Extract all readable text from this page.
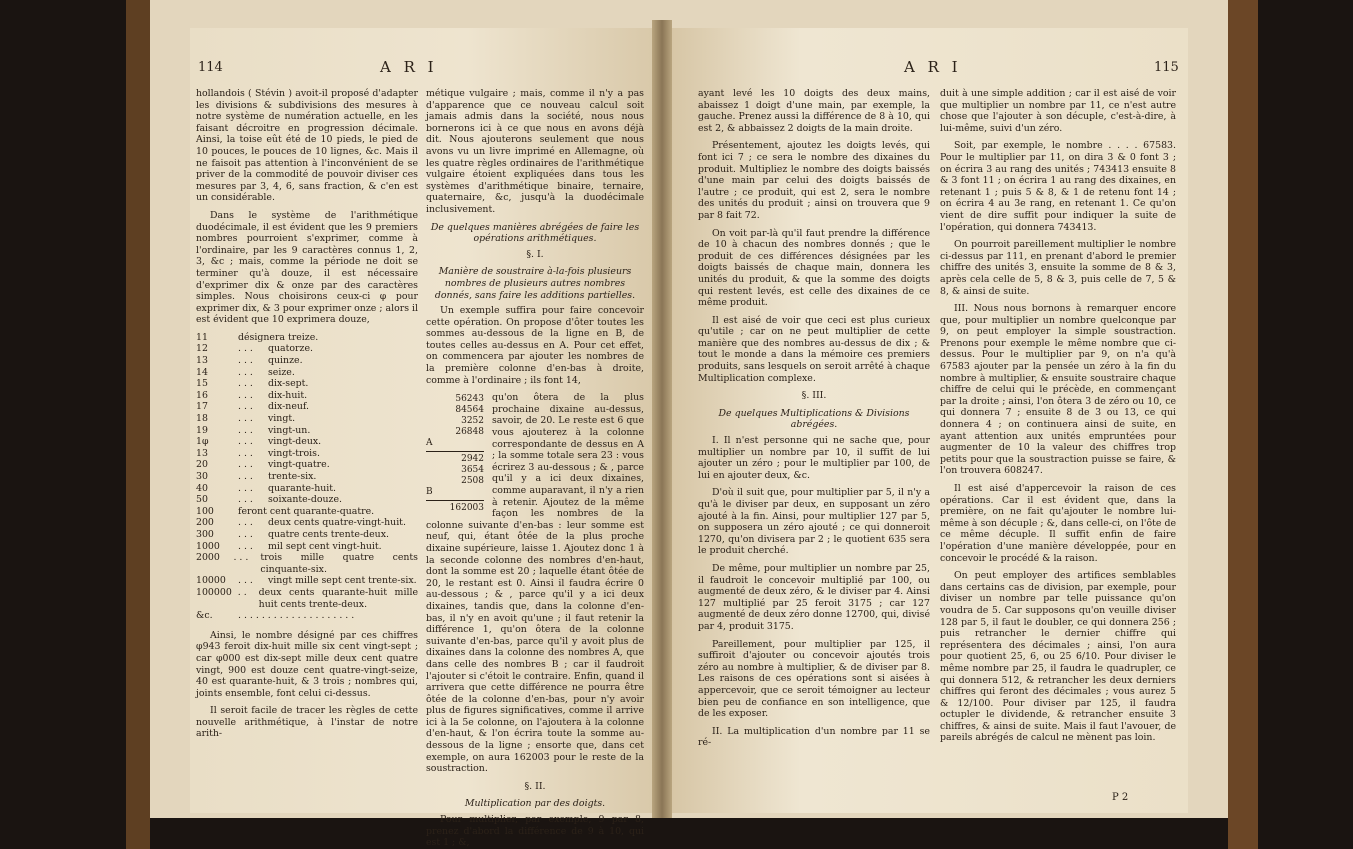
114	A R I

hollandois ( Stévin ) avoit-il proposé d'adapter les divisions & subdivisions des mesures à notre système de numération actuelle, en les faisant décroitre en progression décimale. Ainsi, la toise eût été de 10 pieds, le pied de 10 pouces, le pouces de 10 lignes, &c. Mais il ne faisoit pas attention à l'inconvénient de se priver de la commodité de pouvoir diviser ces mesures par 3, 4, 6, sans fraction, & c'en est un considérable.

Dans le système de l'arithmétique duodécimale, il est évident que les 9 premiers nombres pourroient s'exprimer, comme à l'ordinaire, par les 9 caractères connus 1, 2, 3, &c ; mais, comme la période ne doit se terminer qu'à douze, il est nécessaire d'exprimer dix & onze par des caractères simples. Nous choisirons ceux-ci φ pour exprimer dix, & 3 pour exprimer onze ; alors il est évident que 10 exprimera douze,

11	désignera treize.
12	. . .	quatorze.
13	. . .	quinze.
14	. . .	seize.
15	. . .	dix-sept.
16	. . .	dix-huit.
17	. . .	dix-neuf.
18	. . .	vingt.
19	. . .	vingt-un.
1φ	. . .	vingt-deux.
13	. . .	vingt-trois.
20	. . .	vingt-quatre.
30	. . .	trente-six.
40	. . .	quarante-huit.
50	. . .	soixante-douze.
100	feront cent quarante-quatre.
200	. . .	deux cents quatre-vingt-huit.
300	. . .	quatre cents trente-deux.
1000	. . .	mil sept cent vingt-huit.
2000	. . .	trois mille quatre cents cinquante-six.
10000	. . .	vingt mille sept cent trente-six.
100000 . .	deux cents quarante-huit mille huit cents trente-deux.
&c.	. . . . . . . . . . . . . . . . . . . .

Ainsi, le nombre désigné par ces chiffres φ943 feroit dix-huit mille six cent vingt-sept ; car φ000 est dix-sept mille deux cent quatre vingt, 900 est douze cent quatre-vingt-seize, 40 est quarante-huit, & 3 trois ; nombres qui, joints ensemble, font celui ci-dessus.

Il seroit facile de tracer les règles de cette nouvelle arithmétique, à l'instar de notre arith-

métique vulgaire ; mais, comme il n'y a pas d'apparence que ce nouveau calcul soit jamais admis dans la société, nous nous bornerons ici à ce que nous en avons déjà dit. Nous ajouterons seulement que nous avons vu un livre imprimé en Allemagne, où les quatre règles ordinaires de l'arithmétique vulgaire étoient expliquées dans tous les systèmes d'arithmétique binaire, ternaire, quaternaire, &c, jusqu'à la duodécimale inclusivement.

De quelques manières abrégées de faire les opérations arithmétiques.

§. I.

Manière de soustraire à-la-fois plusieurs nombres de plusieurs autres nombres donnés, sans faire les additions partielles.

Un exemple suffira pour faire concevoir cette opération. On propose d'ôter toutes les sommes au-dessous de la ligne en B, de toutes celles au-dessus en A. Pour cet effet, on commencera par ajouter les nombres de la première colonne d'en-bas à droite, comme à l'ordinaire ; ils font 14,

56243
84564
3252
26848
A
2942
3654
2508
B
162003

qu'on ôtera de la plus prochaine dixaine au-dessus, savoir, de 20. Le reste est 6 que vous ajouterez à la colonne correspondante de dessus en A ; la somme totale sera 23 : vous écrirez 3 au-dessous ; & , parce qu'il y a ici deux dixaines, comme auparavant, il n'y a rien à retenir. Ajoutez de la même façon les nombres de la colonne suivante d'en-bas : leur somme est neuf, qui, étant ôtée de la plus proche dixaine supérieure, laisse 1. Ajoutez donc 1 à la seconde colonne des nombres d'en-haut, dont la somme est 20 ; laquelle étant ôtée de 20, le restant est 0. Ainsi il faudra écrire 0 au-dessous ; & , parce qu'il y a ici deux dixaines, tandis que, dans la colonne d'en-bas, il n'y en avoit qu'une ; il faut retenir la différence 1, qu'on ôtera de la colonne suivante d'en-bas, parce qu'il y avoit plus de dixaines dans la colonne des nombres A, que dans celle des nombres B ; car il faudroit l'ajouter si c'étoit le contraire. Enfin, quand il arrivera que cette différence ne pourra être ôtée de la colonne d'en-bas, pour n'y avoir plus de figures significatives, comme il arrive ici à la 5e colonne, on l'ajoutera à la colonne d'en-haut, & l'on écrira toute la somme au-dessous de la ligne ; ensorte que, dans cet exemple, on aura 162003 pour le reste de la soustraction.

§. II.

Multiplication par des doigts.

Pour multiplier, par exemple, 9 par 8, prenez d'abord la différence de 9 à 10, qui est 1 ; &,

A R I	115

ayant levé les 10 doigts des deux mains, abaissez 1 doigt d'une main, par exemple, la gauche. Prenez aussi la différence de 8 à 10, qui est 2, & abbaissez 2 doigts de la main droite.

Présentement, ajoutez les doigts levés, qui font ici 7 ; ce sera le nombre des dixaines du produit. Multipliez le nombre des doigts baissés d'une main par celui des doigts baissés de l'autre ; ce produit, qui est 2, sera le nombre des unités du produit ; ainsi on trouvera que 9 par 8 fait 72.

On voit par-là qu'il faut prendre la différence de 10 à chacun des nombres donnés ; que le produit de ces différences désignées par les doigts baissés de chaque main, donnera les unités du produit, & que la somme des doigts qui restent levés, est celle des dixaines de ce même produit.

Il est aisé de voir que ceci est plus curieux qu'utile ; car on ne peut multiplier de cette manière que des nombres au-dessus de dix ; & tout le monde a dans la mémoire ces premiers produits, sans lesquels on seroit arrêté à chaque Multiplication complexe.

§. III.

De quelques Multiplications & Divisions abrégées.

I. Il n'est personne qui ne sache que, pour multiplier un nombre par 10, il suffit de lui ajouter un zéro ; pour le multiplier par 100, de lui en ajouter deux, &c.

D'où il suit que, pour multiplier par 5, il n'y a qu'à le diviser par deux, en supposant un zéro ajouté à la fin. Ainsi, pour multiplier 127 par 5, on supposera un zéro ajouté ; ce qui donneroit 1270, qu'on divisera par 2 ; le quotient 635 sera le produit cherché.

De même, pour multiplier un nombre par 25, il faudroit le concevoir multiplié par 100, ou augmenté de deux zéro, & le diviser par 4. Ainsi 127 multiplié par 25 feroit 3175 ; car 127 augmenté de deux zéro donne 12700, qui, divisé par 4, produit 3175.

Pareillement, pour multiplier par 125, il suffiroit d'ajouter ou concevoir ajoutés trois zéro au nombre à multiplier, & de diviser par 8. Les raisons de ces opérations sont si aisées à appercevoir, que ce seroit témoigner au lecteur bien peu de confiance en son intelligence, que de les exposer.

II. La multiplication d'un nombre par 11 se ré-

duit à une simple addition ; car il est aisé de voir que multiplier un nombre par 11, ce n'est autre chose que l'ajouter à son décuple, c'est-à-dire, à lui-même, suivi d'un zéro.

Soit, par exemple, le nombre . . . . 67583. Pour le multiplier par 11, on dira 3 & 0 font 3 ; on écrira 3 au rang des unités ; 743413 ensuite 8 & 3 font 11 ; on écrira 1 au rang des dixaines, en retenant 1 ; puis 5 & 8, & 1 de retenu font 14 ; on écrira 4 au 3e rang, en retenant 1. Ce qu'on vient de dire suffit pour indiquer la suite de l'opération, qui donnera 743413.

On pourroit pareillement multiplier le nombre ci-dessus par 111, en prenant d'abord le premier chiffre des unités 3, ensuite la somme de 8 & 3, après cela celle de 5, 8 & 3, puis celle de 7, 5 & 8, & ainsi de suite.

III. Nous nous bornons à remarquer encore que, pour multiplier un nombre quelconque par 9, on peut employer la simple soustraction. Prenons pour exemple le même nombre que ci-dessus. Pour le multiplier par 9, on n'a qu'à 67583 ajouter par la pensée un zéro à la fin du nombre à multiplier, & ensuite soustraire chaque chiffre de celui qui le précède, en commençant par la droite ; ainsi, l'on ôtera 3 de zéro ou 10, ce qui donnera 7 ; ensuite 8 de 3 ou 13, ce qui donnera 4 ; on continuera ainsi de suite, en ayant attention aux unités empruntées pour augmenter de 10 la valeur des chiffres trop petits pour que la soustraction puisse se faire, & l'on trouvera 608247.

Il est aisé d'appercevoir la raison de ces opérations. Car il est évident que, dans la première, on ne fait qu'ajouter le nombre lui-même à son décuple ; &, dans celle-ci, on l'ôte de ce même décuple. Il suffit enfin de faire l'opération d'une manière développée, pour en concevoir le procédé & la raison.

On peut employer des artifices semblables dans certains cas de division, par exemple, pour diviser un nombre par telle puissance qu'on voudra de 5. Car supposons qu'on veuille diviser 128 par 5, il faut le doubler, ce qui donnera 256 ; puis retrancher le dernier chiffre qui représentera des décimales ; ainsi, l'on aura pour quotient 25, 6, ou 25 6/10. Pour diviser le même nombre par 25, il faudra le quadrupler, ce qui donnera 512, & retrancher les deux derniers chiffres qui feront des décimales ; vous aurez 5 & 12/100. Pour diviser par 125, il faudra octupler le dividende, & retrancher ensuite 3 chiffres, & ainsi de suite. Mais il faut l'avouer, de pareils abrégés de calcul ne mènent pas loin.

P 2
